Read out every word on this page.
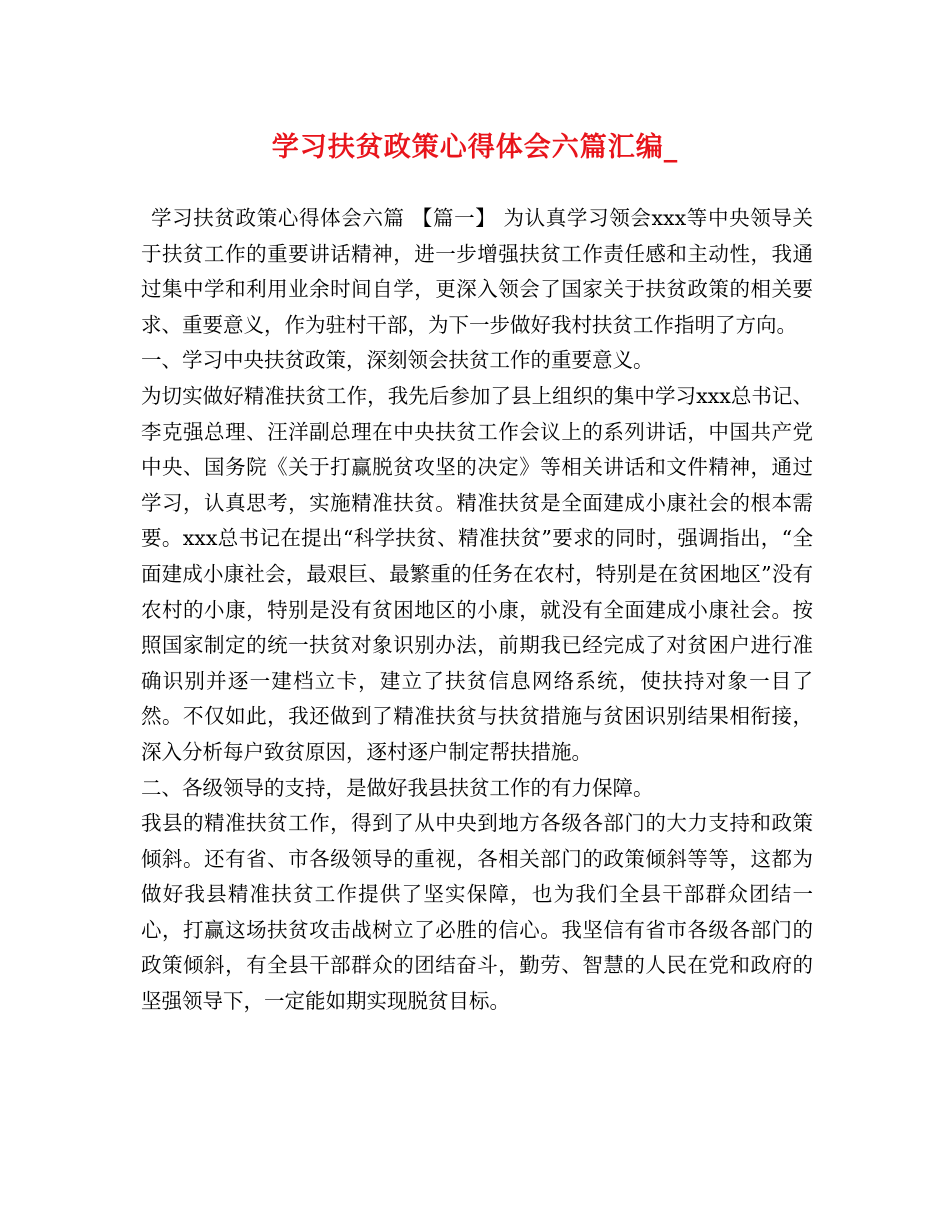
学习扶贫政策心得体会六篇汇编_

学习扶贫政策心得体会六篇 【篇一】 为认真学习领会xxx等中央领导关于扶贫工作的重要讲话精神，进一步增强扶贫工作责任感和主动性，我通过集中学和利用业余时间自学，更深入领会了国家关于扶贫政策的相关要求、重要意义，作为驻村干部，为下一步做好我村扶贫工作指明了方向。

一、学习中央扶贫政策，深刻领会扶贫工作的重要意义。

为切实做好精准扶贫工作，我先后参加了县上组织的集中学习xxx总书记、李克强总理、汪洋副总理在中央扶贫工作会议上的系列讲话，中国共产党中央、国务院《关于打赢脱贫攻坚的决定》等相关讲话和文件精神，通过学习，认真思考，实施精准扶贫。精准扶贫是全面建成小康社会的根本需要。xxx总书记在提出“科学扶贫、精准扶贫”要求的同时，强调指出，“全面建成小康社会，最艰巨、最繁重的任务在农村，特别是在贫困地区”没有农村的小康，特别是没有贫困地区的小康，就没有全面建成小康社会。按照国家制定的统一扶贫对象识别办法，前期我已经完成了对贫困户进行准确识别并逐一建档立卡，建立了扶贫信息网络系统，使扶持对象一目了然。不仅如此，我还做到了精准扶贫与扶贫措施与贫困识别结果相衔接，深入分析每户致贫原因，逐村逐户制定帮扶措施。

二、各级领导的支持，是做好我县扶贫工作的有力保障。

我县的精准扶贫工作，得到了从中央到地方各级各部门的大力支持和政策倾斜。还有省、市各级领导的重视，各相关部门的政策倾斜等等，这都为做好我县精准扶贫工作提供了坚实保障，也为我们全县干部群众团结一心，打赢这场扶贫攻击战树立了必胜的信心。我坚信有省市各级各部门的政策倾斜，有全县干部群众的团结奋斗，勤劳、智慧的人民在党和政府的坚强领导下，一定能如期实现脱贫目标。
